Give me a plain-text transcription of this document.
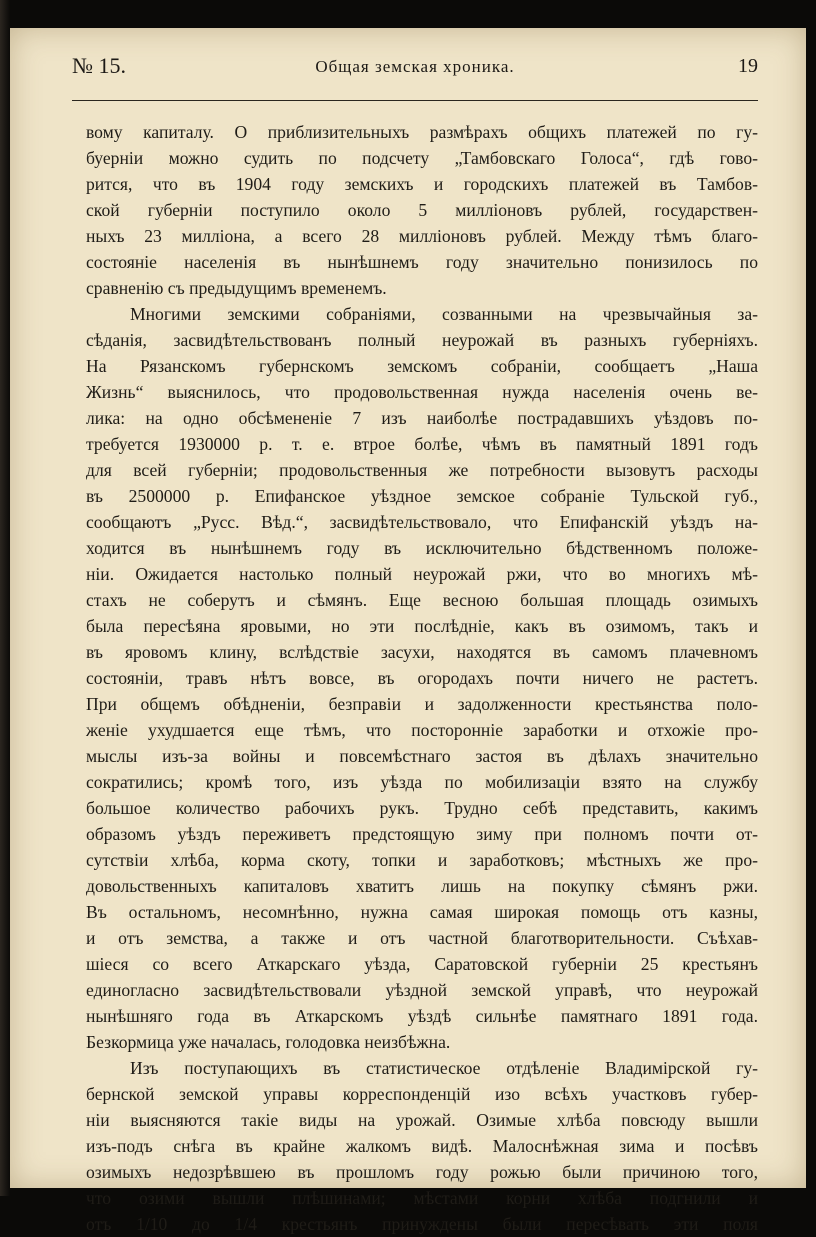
№ 15.	Общая земская хроника.	19
вому капиталу. О приблизительныхъ размѣрахъ общихъ платежей по гу-
буерніи можно судить по подсчету „Тамбовскаго Голоса“, гдѣ гово-
рится, что въ 1904 году земскихъ и городскихъ платежей въ Тамбов-
ской губерніи поступило около 5 милліоновъ рублей, государствен-
ныхъ 23 милліона, а всего 28 милліоновъ рублей. Между тѣмъ благо-
состояніе населенія въ нынѣшнемъ году значительно понизилось по
сравненію съ предыдущимъ временемъ.
Многими земскими собраніями, созванными на чрезвычайныя за-
сѣданія, засвидѣтельствованъ полный неурожай въ разныхъ губерніяхъ.
На Рязанскомъ губернскомъ земскомъ собраніи, сообщаетъ „Наша
Жизнь“ выяснилось, что продовольственная нужда населенія очень ве-
лика: на одно обсѣмененіе 7 изъ наиболѣе пострадавшихъ уѣздовъ по-
требуется 1930000 р. т. е. втрое болѣе, чѣмъ въ памятный 1891 годъ
для всей губерніи; продовольственныя же потребности вызовутъ расходы
въ 2500000 р. Епифанское уѣздное земское собраніе Тульской губ.,
сообщаютъ „Русс. Вѣд.“, засвидѣтельствовало, что Епифанскій уѣздъ на-
ходится въ нынѣшнемъ году въ исключительно бѣдственномъ положе-
ніи. Ожидается настолько полный неурожай ржи, что во многихъ мѣ-
стахъ не соберутъ и сѣмянъ. Еще весною большая площадь озимыхъ
была пересѣяна яровыми, но эти послѣдніе, какъ въ озимомъ, такъ и
въ яровомъ клину, вслѣдствіе засухи, находятся въ самомъ плачевномъ
состояніи, травъ нѣтъ вовсе, въ огородахъ почти ничего не растетъ.
При общемъ обѣдненіи, безправіи и задолженности крестьянства поло-
женіе ухудшается еще тѣмъ, что посторонніе заработки и отхожіе про-
мыслы изъ-за войны и повсемѣстнаго застоя въ дѣлахъ значительно
сократились; кромѣ того, изъ уѣзда по мобилизаціи взято на службу
большое количество рабочихъ рукъ. Трудно себѣ представить, какимъ
образомъ уѣздъ переживетъ предстоящую зиму при полномъ почти от-
сутствіи хлѣба, корма скоту, топки и заработковъ; мѣстныхъ же про-
довольственныхъ капиталовъ хватитъ лишь на покупку сѣмянъ ржи.
Въ остальномъ, несомнѣнно, нужна самая широкая помощь отъ казны,
и отъ земства, а также и отъ частной благотворительности. Съѣхав-
шіеся со всего Аткарскаго уѣзда, Саратовской губерніи 25 крестьянъ
единогласно засвидѣтельствовали уѣздной земской управѣ, что неурожай
нынѣшняго года въ Аткарскомъ уѣздѣ сильнѣе памятнаго 1891 года.
Безкормица уже началась, голодовка неизбѣжна.
Изъ поступающихъ въ статистическое отдѣленіе Владимірской гу-
бернской земской управы корреспонденцій изо всѣхъ участковъ губер-
ніи выясняются такіе виды на урожай. Озимые хлѣба повсюду вышли
изъ-подъ снѣга въ крайне жалкомъ видѣ. Малоснѣжная зима и посѣвъ
озимыхъ недозрѣвшею въ прошломъ году рожью были причиною того,
что озими вышли плѣшинами; мѣстами корни хлѣба подгнили и
отъ 1/10 до 1/4 крестьянъ принуждены были пересѣвать эти поля
